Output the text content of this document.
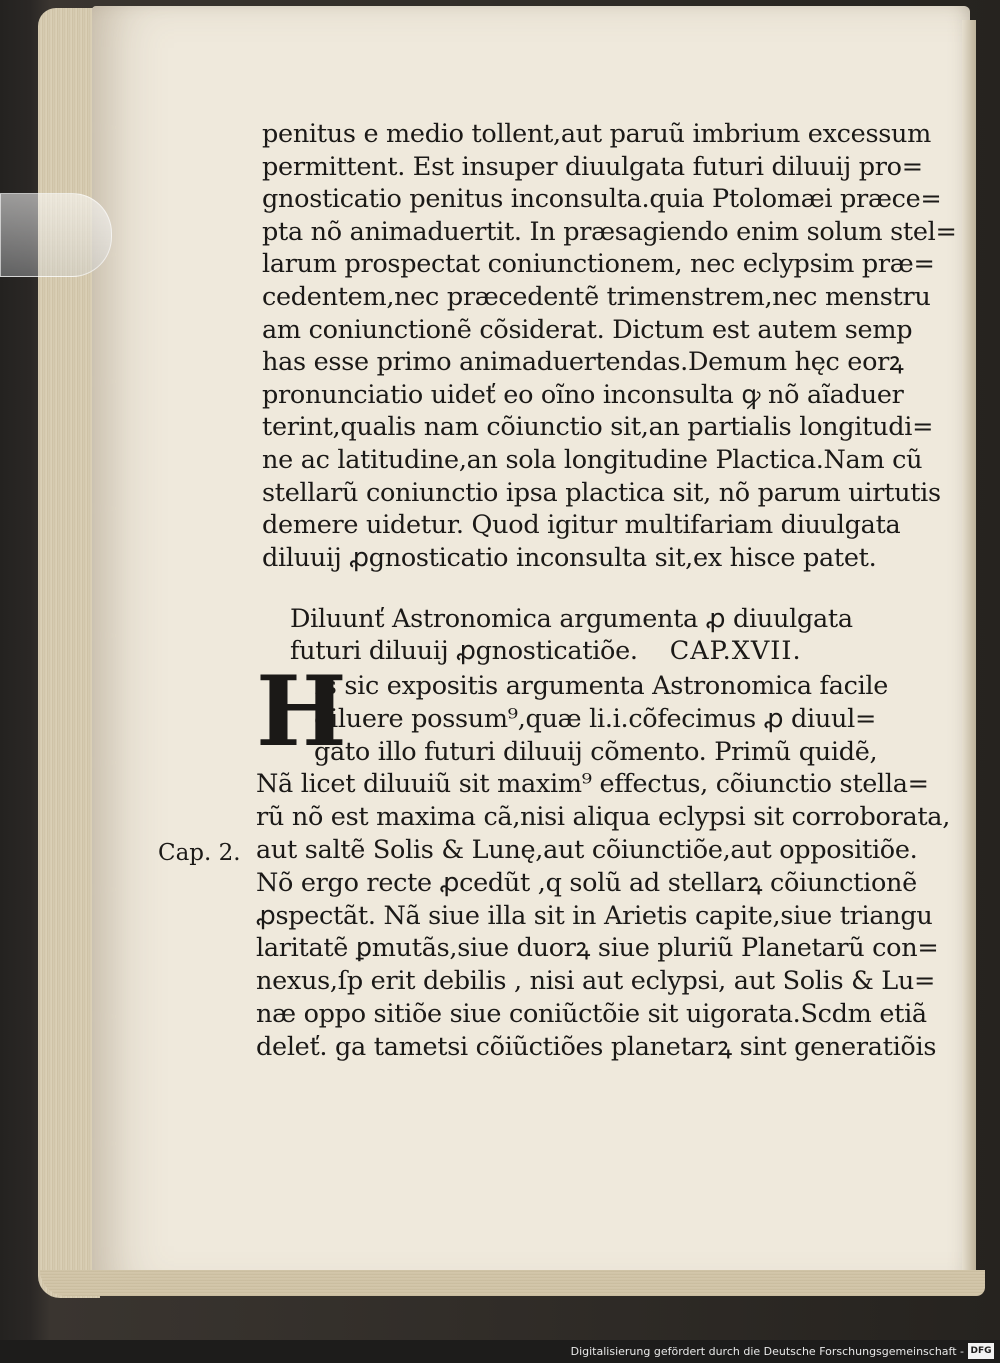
penitus e medio tollent,aut paruũ imbrium excessum
permittent. Est insuper diuulgata futuri diluuij pro=
gnosticatio penitus inconsulta.quia Ptolomæi præce=
pta nõ animaduertit. In præsagiendo enim solum stel=
larum prospectat coniunctionem, nec eclypsim præ=
cedentem,nec præcedentẽ trimenstrem,nec menstru
am coniunctionẽ cõsiderat. Dictum est autem semp
has esse primo animaduertendas.Demum hęc eorꝝ
pronunciatio uideť eo oĩno inconsulta ꝙ nõ aĩaduer
terint,qualis nam cõiunctio sit,an partialis longitudi=
ne ac latitudine,an sola longitudine Plactica.Nam cũ
stellarũ coniunctio ipsa plactica sit, nõ parum uirtutis
demere uidetur. Quod igitur multifariam diuulgata
diluuij ꝓgnosticatio inconsulta sit,ex hisce patet.
Diluunť Astronomica argumenta ꝓ diuulgata
futuri diluuij ꝓgnosticatiõe. CAP.XVII.
H
Is sic expositis argumenta Astronomica facile
diluere possum⁹,quæ li.i.cõfecimus ꝓ diuul=
gato illo futuri diluuij cõmento. Primũ quidẽ,
Nã licet diluuiũ sit maxim⁹ effectus, cõiunctio stella=
rũ nõ est maxima cã,nisi aliqua eclypsi sit corroborata,
aut saltẽ Solis & Lunę,aut cõiunctiõe,aut oppositiõe.
Nõ ergo recte ꝓcedũt ,q solũ ad stellarꝝ cõiunctionẽ
ꝓspectãt. Nã siue illa sit in Arietis capite,siue triangu
laritatẽ ꝑmutãs,siue duorꝝ siue pluriũ Planetarũ con=
nexus,ſp erit debilis , nisi aut eclypsi, aut Solis & Lu=
næ oppo sitiõe siue coniũctõie sit uigorata.Scdm etiã
deleť. ga tametsi cõiũctiões planetarꝝ sint generatiõis
Cap. 2.
Digitalisierung gefördert durch die Deutsche Forschungsgemeinschaft - DFG
